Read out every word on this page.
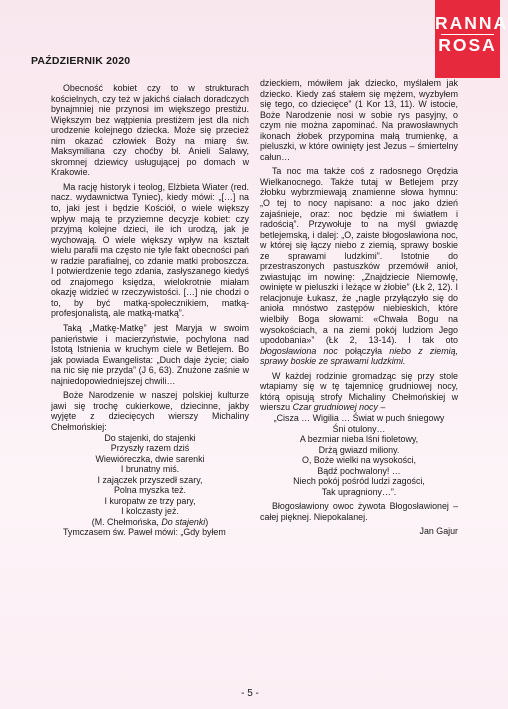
RANNA
ROSA
PAŹDZIERNIK 2020

Obecność kobiet czy to w strukturach kościelnych, czy też w jakichś ciałach doradczych bynajmniej nie przynosi im większego prestiżu. Większym bez wątpienia prestiżem jest dla nich urodzenie kolejnego dziecka. Może się przecież nim okazać człowiek Boży na miarę św. Maksymiliana czy choćby bł. Anieli Salawy, skromnej dziewicy usługującej po domach w Krakowie.

Ma rację historyk i teolog, Elżbieta Wiater (red. nacz. wydawnictwa Tyniec), kiedy mówi: „[…] na to, jaki jest i będzie Kościół, o wiele większy wpływ mają te przyziemne decyzje kobiet: czy przyjmą kolejne dzieci, ile ich urodzą, jak je wychowają. O wiele większy wpływ na kształt wielu parafii ma często nie tyle fakt obecności pań w radzie parafialnej, co zdanie matki proboszcza. I potwierdzenie tego zdania, zasłyszanego kiedyś od znajomego księdza, wielokrotnie miałam okazję widzieć w rzeczywistości. […] nie chodzi o to, by być matką-społecznikiem, matką-profesjonalistą, ale matką-matką”.

Taką „Matkę-Matkę” jest Maryja w swoim panieństwie i macierzyństwie, pochylona nad Istotą Istnienia w kruchym ciele w Betlejem. Bo jak powiada Ewangelista: „Duch daje życie; ciało na nic się nie przyda” (J 6, 63). Znużone zaśnie w najniedopowiedniejszej chwili…

Boże Narodzenie w naszej polskiej kulturze jawi się trochę cukierkowe, dziecinne, jakby wyjęte z dziecięcych wierszy Michaliny Chełmońskiej:

Do stajenki, do stajenki
Przyszły razem dziś
Wiewióreczka, dwie sarenki
I brunatny miś.
I zajączek przyszedł szary,
Polna myszka też.
I kuropatw ze trzy pary,
I kolczasty jeż.
(M. Chełmońska, Do stajenki)

Tymczasem św. Paweł mówi: „Gdy byłem

dzieckiem, mówiłem jak dziecko, myślałem jak dziecko. Kiedy zaś stałem się mężem, wyzbyłem się tego, co dziecięce” (1 Kor 13, 11). W istocie, Boże Narodzenie nosi w sobie rys pasyjny, o czym nie można zapominać. Na prawosławnych ikonach żłobek przypomina małą trumienkę, a pieluszki, w które owinięty jest Jezus – śmiertelny całun…

Ta noc ma także coś z radosnego Orędzia Wielkanocnego. Także tutaj w Betlejem przy żłobku wybrzmiewają znamienne słowa hymnu: „O tej to nocy napisano: a noc jako dzień zajaśnieje, oraz: noc będzie mi światłem i radością”. Przywołuje to na myśl gwiazdę betlejemską, i dalej: „O, zaiste błogosławiona noc, w której się łączy niebo z ziemią, sprawy boskie ze sprawami ludzkimi”. Istotnie do przestraszonych pastuszków przemówił anioł, zwiastując im nowinę: „Znajdziecie Niemowlę, owinięte w pieluszki i leżące w żłobie” (Łk 2, 12). I relacjonuje Łukasz, że „nagle przyłączyło się do anioła mnóstwo zastępów niebieskich, które wielbiły Boga słowami: «Chwała Bogu na wysokościach, a na ziemi pokój ludziom Jego upodobania»” (Łk 2, 13-14). I tak oto błogosławiona noc połączyła niebo z ziemią, sprawy boskie ze sprawami ludzkimi.

W każdej rodzinie gromadząc się przy stole wtapiamy się w tę tajemnicę grudniowej nocy, którą opisują strofy Michaliny Chełmońskiej w wierszu Czar grudniowej nocy –

„Cisza … Wigilia … Świat w puch śniegowy
Śni otulony…
A bezmiar nieba lśni fioletowy,
Drżą gwiazd miliony.
O, Boże wielki na wysokości,
Bądź pochwalony! …
Niech pokój pośród ludzi zagości,
Tak upragniony…”.

Błogosławiony owoc żywota Błogosławionej – całej pięknej. Niepokalanej.

Jan Gajur
- 5 -
